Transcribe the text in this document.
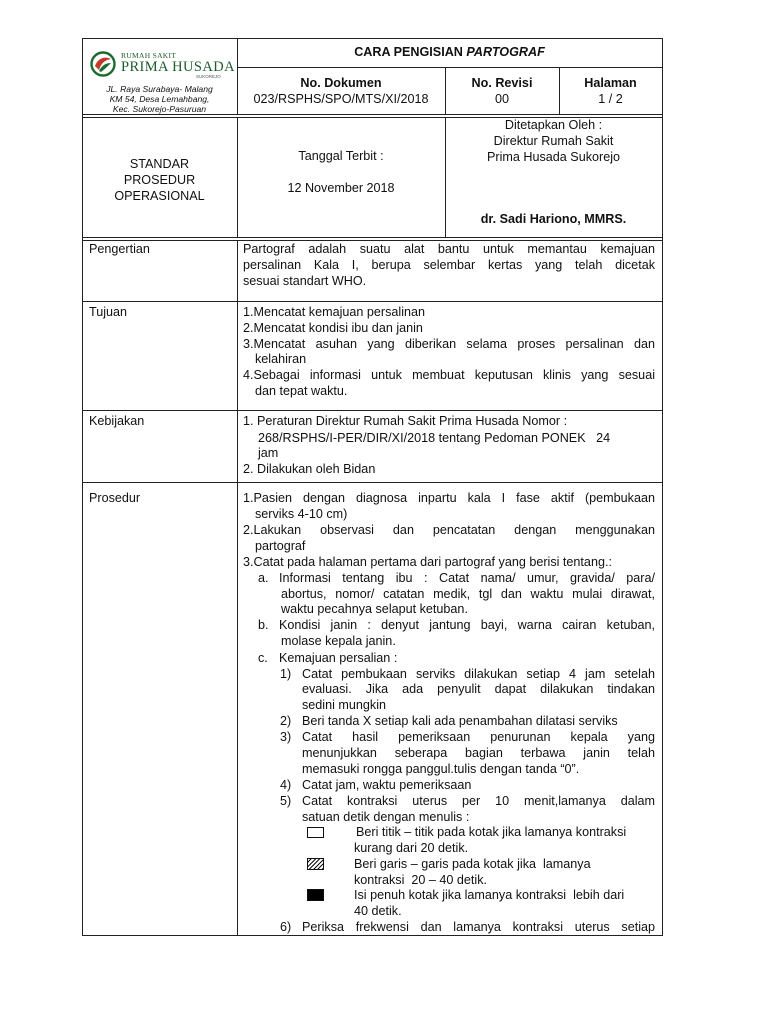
RUMAH SAKIT
PRIMA HUSADA
SUKOREJO
JL. Raya Surabaya- Malang
KM 54, Desa Lemahbang,
Kec. Sukorejo-Pasuruan
CARA PENGISIAN PARTOGRAF
No. Dokumen
023/RSPHS/SPO/MTS/XI/2018
No. Revisi
00
Halaman
1 / 2
STANDAR
PROSEDUR
OPERASIONAL
Tanggal Terbit :
12 November 2018
Ditetapkan Oleh :
Direktur Rumah Sakit
Prima Husada Sukorejo
dr. Sadi Hariono, MMRS.
Pengertian	Partograf adalah suatu alat bantu untuk memantau kemajuan
persalinan Kala I, berupa selembar kertas yang telah dicetak
sesuai standart WHO.
Tujuan	1.Mencatat kemajuan persalinan
2.Mencatat kondisi ibu dan janin
3.Mencatat asuhan yang diberikan selama proses persalinan dan
kelahiran
4.Sebagai informasi untuk membuat keputusan klinis yang sesuai
dan tepat waktu.
Kebijakan	1. Peraturan Direktur Rumah Sakit Prima Husada Nomor :
268/RSPHS/I-PER/DIR/XI/2018 tentang Pedoman PONEK   24
jam
2. Dilakukan oleh Bidan
Prosedur	1.Pasien dengan diagnosa inpartu kala I fase aktif (pembukaan
serviks 4-10 cm)
2.Lakukan observasi dan pencatatan dengan menggunakan
partograf
3.Catat pada halaman pertama dari partograf yang berisi tentang.:
a. Informasi tentang ibu : Catat nama/ umur, gravida/ para/
abortus, nomor/ catatan medik, tgl dan waktu mulai dirawat,
waktu pecahnya selaput ketuban.
b. Kondisi janin : denyut jantung bayi, warna cairan ketuban,
molase kepala janin.
c. Kemajuan persalian :
1) Catat pembukaan serviks dilakukan setiap 4 jam setelah
evaluasi. Jika ada penyulit dapat dilakukan tindakan
sedini mungkin
2) Beri tanda X setiap kali ada penambahan dilatasi serviks
3) Catat hasil pemeriksaan penurunan kepala yang
menunjukkan seberapa bagian terbawa janin telah
memasuki rongga panggul.tulis dengan tanda “0”.
4) Catat jam, waktu pemeriksaan
5) Catat kontraksi uterus per 10 menit,lamanya dalam
satuan detik dengan menulis :
Beri titik – titik pada kotak jika lamanya kontraksi
kurang dari 20 detik.
Beri garis – garis pada kotak jika  lamanya
kontraksi  20 – 40 detik.
Isi penuh kotak jika lamanya kontraksi  lebih dari
40 detik.
6) Periksa frekwensi dan lamanya kontraksi uterus setiap
